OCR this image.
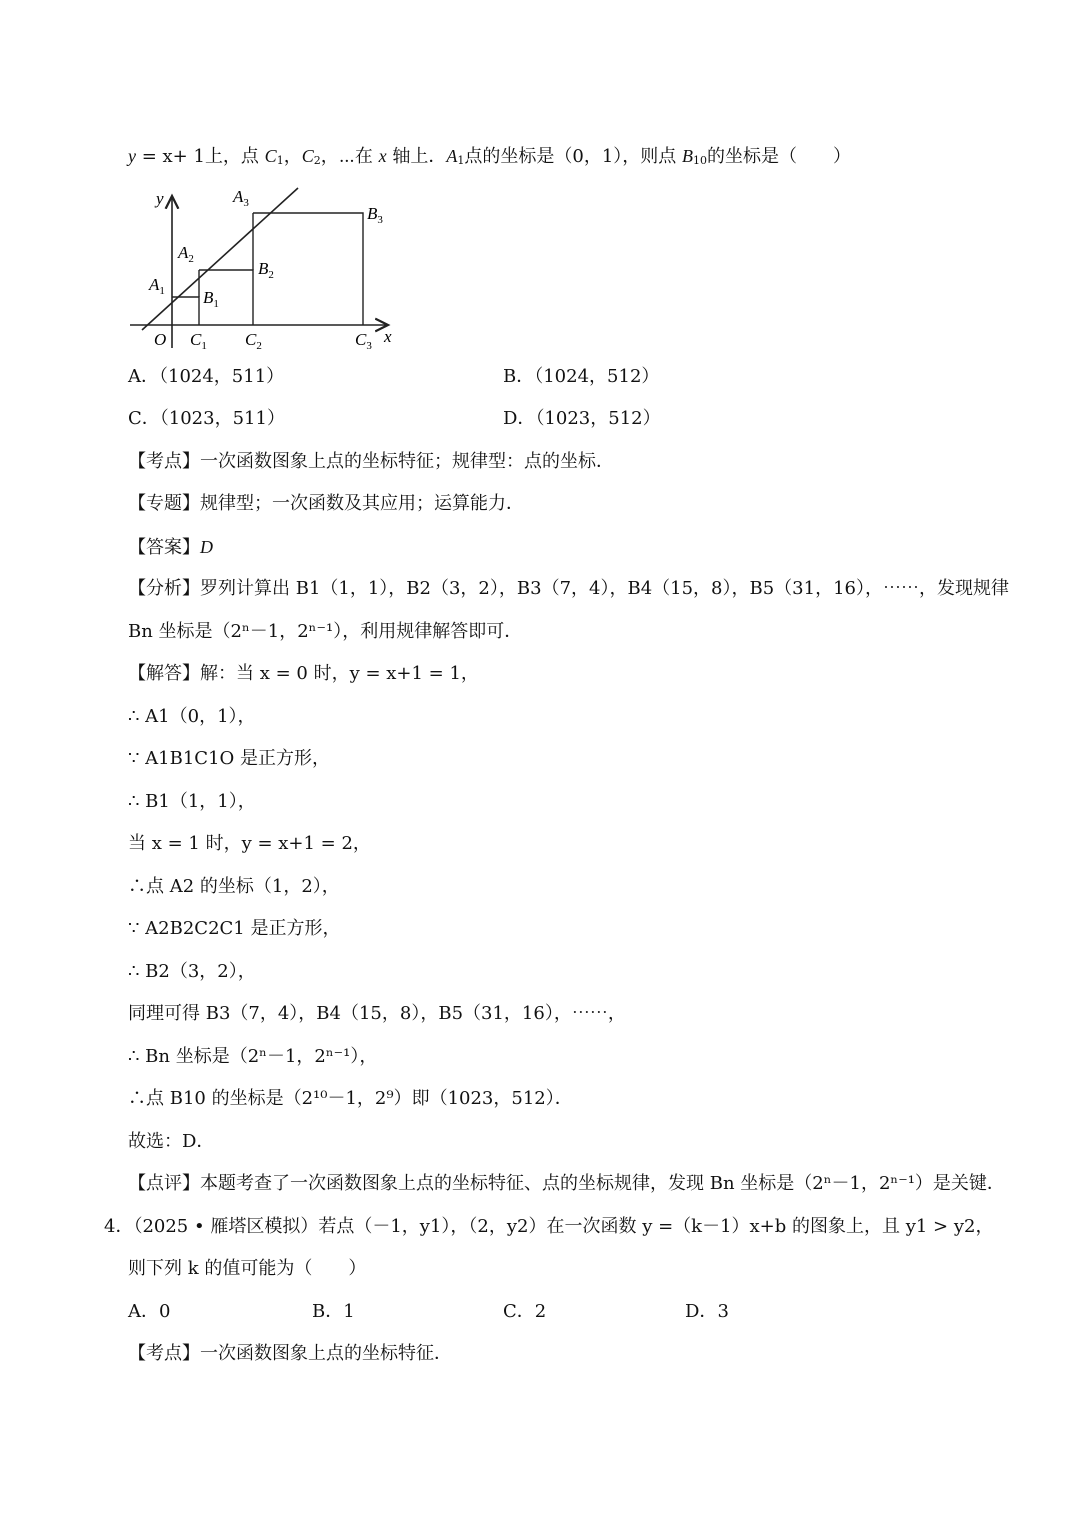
y = x+ 1上，点 $C_1$，$C_2$，⋯在 x 轴上．$A_1$点的坐标是（0，1），则点 $B_{10}$的坐标是（　　）
y
x
O
$A_1$
$A_2$
$A_3$
$B_1$
$B_2$
$B_3$
$C_1$ $C_2$	$C_3$
A．（1024，511）	B．（1024，512）
C．（1023，511）	D．（1023，512）
【考点】一次函数图象上点的坐标特征；规律型：点的坐标．
【专题】规律型；一次函数及其应用；运算能力．
【答案】D
【分析】罗列计算出 B1（1，1），B2（3，2），B3（7，4），B4（15，8），B5（31，16），⋯⋯，发现规律
Bn 坐标是（2ⁿ－1，2ⁿ⁻¹），利用规律解答即可．
【解答】解：当 x = 0 时，y = x+1 = 1，
∴ A1（0，1），
∵ A1B1C1O 是正方形，
∴ B1（1，1），
当 x = 1 时，y = x+1 = 2，
∴点 A2 的坐标（1，2），
∵ A2B2C2C1 是正方形，
∴ B2（3，2），
同理可得 B3（7，4），B4（15，8），B5（31，16），⋯⋯，
∴ Bn 坐标是（2ⁿ－1，2ⁿ⁻¹），
∴点 B10 的坐标是（2¹⁰－1，2⁹）即（1023，512）．
故选：D．
【点评】本题考查了一次函数图象上点的坐标特征、点的坐标规律，发现 Bn 坐标是（2ⁿ－1，2ⁿ⁻¹）是关键．
4．（2025 • 雁塔区模拟）若点（－1，y1），（2，y2）在一次函数 y =（k－1）x+b 的图象上，且 y1 > y2，
则下列 k 的值可能为（　　）
A．0	B．1	C．2	D．3
【考点】一次函数图象上点的坐标特征．
